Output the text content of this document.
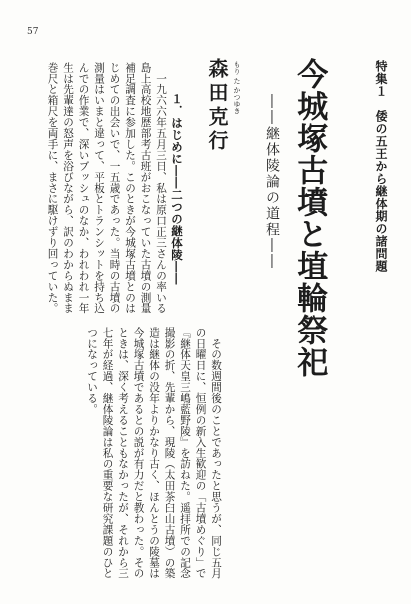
57
特集１　倭の五王から継体期の諸問題
今城塚古墳と埴輪祭祀
――継体陵論の道程――
もり た かつゆき
森田克行
１．はじめに――二つの継体陵――
　一九六六年五月三日、私は原口正三さんの率いる島上高校地歴部考古班がおこなっていた古墳の測量補足調査に参加した。このときが今城塚古墳とのはじめての出会いで、一五歳であった。当時の古墳の測量はいまと違って、平板とトランシットを持ち込んでの作業で、深いブッシュのなか、われわれ一年生は先輩達の怒声を浴びながら、訳のわからぬまま巻尺と箱尺を両手に、まさに駆けずり回っていた。
　その数週間後のことであったと思うが、同じ五月の日曜日に、恒例の新入生歓迎の「古墳めぐり」で『継体天皇三嶋藍野陵』を訪ねた。遥拝所での記念撮影の折、先輩から、現陵（太田茶臼山古墳）の築造は継体の没年よりかなり古く、ほんとうの陵墓は今城塚古墳であるとの説が有力だと教わった。そのときは、深く考えることもなかったが、それから三七年が経過、継体陵論は私の重要な研究課題のひとつになっている。
